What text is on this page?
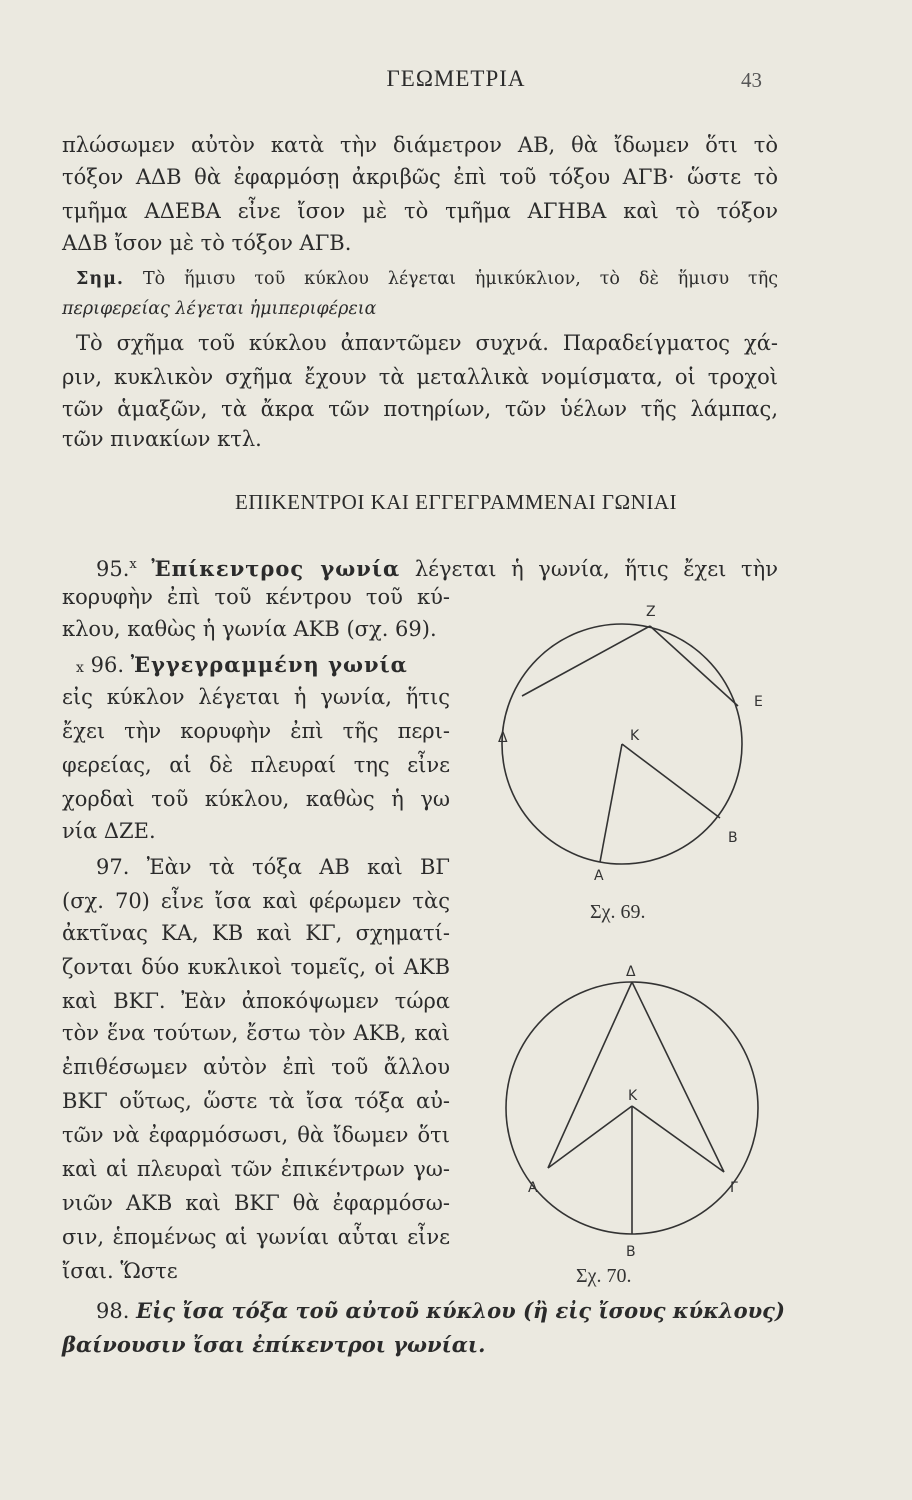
ΓΕΩΜΕΤΡΙΑ	43
πλώσωμεν αὐτὸν κατὰ τὴν διάμετρον ΑΒ, θὰ ἴδωμεν ὅτι τὸ
τόξον ΑΔΒ θὰ ἐφαρμόσῃ ἀκριβῶς ἐπὶ τοῦ τόξου ΑΓΒ· ὥστε τὸ
τμῆμα ΑΔΕΒΑ εἶνε ἴσον μὲ τὸ τμῆμα ΑΓΗΒΑ καὶ τὸ τόξον
ΑΔΒ ἴσον μὲ τὸ τόξον ΑΓΒ.
Σημ. Τὸ ἥμισυ τοῦ κύκλου λέγεται ἡμικύκλιον, τὸ δὲ ἥμισυ τῆς
περιφερείας λέγεται ἡμιπεριφέρεια
Τὸ σχῆμα τοῦ κύκλου ἀπαντῶμεν συχνά. Παραδείγματος χά-
ριν, κυκλικὸν σχῆμα ἔχουν τὰ μεταλλικὰ νομίσματα, οἱ τροχοὶ
τῶν ἁμαξῶν, τὰ ἄκρα τῶν ποτηρίων, τῶν ὑέλων τῆς λάμπας,
τῶν πινακίων κτλ.
ΕΠΙΚΕΝΤΡΟΙ ΚΑΙ ΕΓΓΕΓΡΑΜΜΕΝΑΙ ΓΩΝΙΑΙ
95.$^x$ Ἐπίκεντρος γωνία λέγεται ἡ γωνία, ἥτις ἔχει τὴν
κορυφὴν ἐπὶ τοῦ κέντρου τοῦ κύ-
κλου, καθὼς ἡ γωνία ΑΚΒ (σχ. 69).
x 96. Ἐγγεγραμμένη γωνία
εἰς κύκλον λέγεται ἡ γωνία, ἥτις
ἔχει τὴν κορυφὴν ἐπὶ τῆς περι-
φερείας, αἱ δὲ πλευραί της εἶνε
χορδαὶ τοῦ κύκλου, καθὼς ἡ γω
νία ΔΖΕ.
97. Ἐὰν τὰ τόξα ΑΒ καὶ ΒΓ
(σχ. 70) εἶνε ἴσα καὶ φέρωμεν τὰς
ἀκτῖνας ΚΑ, ΚΒ καὶ ΚΓ, σχηματί-
ζονται δύο κυκλικοὶ τομεῖς, οἱ ΑΚΒ
καὶ ΒΚΓ. Ἐὰν ἀποκόψωμεν τώρα
τὸν ἕνα τούτων, ἔστω τὸν ΑΚΒ, καὶ
ἐπιθέσωμεν αὐτὸν ἐπὶ τοῦ ἄλλου
ΒΚΓ οὕτως, ὥστε τὰ ἴσα τόξα αὐ-
τῶν νὰ ἐφαρμόσωσι, θὰ ἴδωμεν ὅτι
καὶ αἱ πλευραὶ τῶν ἐπικέντρων γω-
νιῶν ΑΚΒ καὶ ΒΚΓ θὰ ἐφαρμόσω-
σιν, ἑπομένως αἱ γωνίαι αὗται εἶνε
ἴσαι. Ὥστε
98. Εἰς ἴσα τόξα τοῦ αὐτοῦ κύκλου (ἢ εἰς ἴσους κύκλους)
βαίνουσιν ἴσαι ἐπίκεντροι γωνίαι.
Z
E
Δ	K
B
A
Σχ. 69.
Δ
K
A	Γ
B
Σχ. 70.
